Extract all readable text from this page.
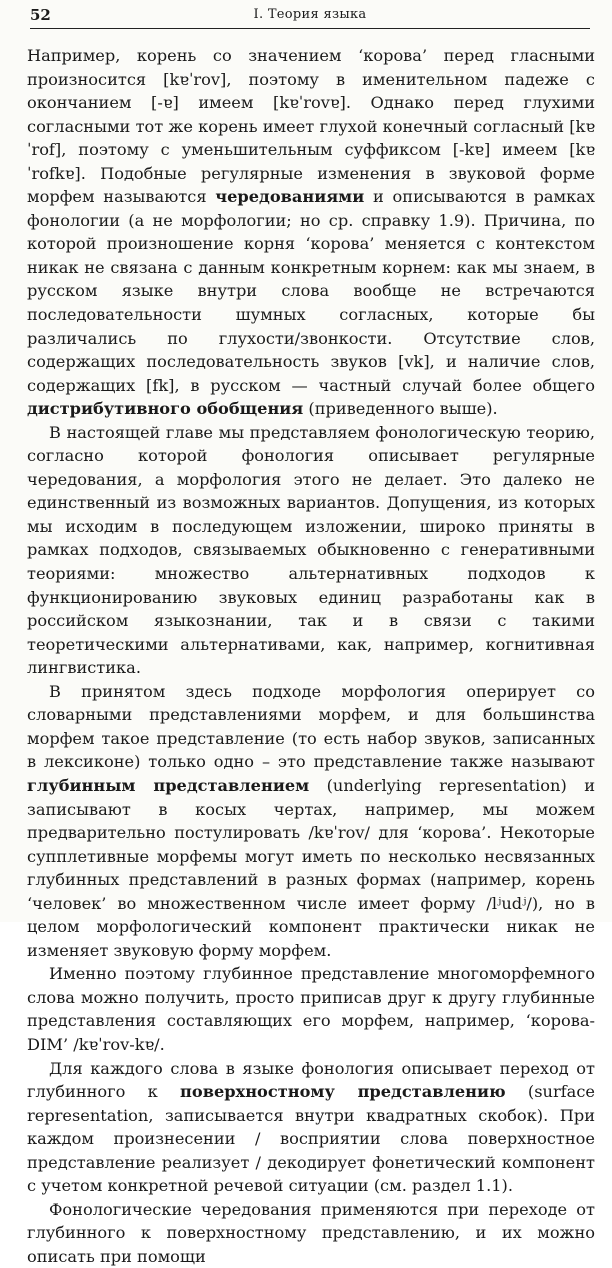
52	I. Теория языка

Например, корень со значением ‘корова’ перед гласными произносится [kɐˈrov], поэтому в именительном падеже с окончанием [-ɐ] имеем [kɐˈrovɐ]. Однако перед глухими согласными тот же корень имеет глухой конечный согласный [kɐˈrof], поэтому с уменьшительным суффиксом [-kɐ] имеем [kɐˈrofkɐ]. Подобные регулярные изменения в звуковой форме морфем называются чередованиями и описываются в рамках фонологии (а не морфологии; но ср. справку 1.9). Причина, по которой произношение корня ‘корова’ меняется с контекстом никак не связана с данным конкретным корнем: как мы знаем, в русском языке внутри слова вообще не встречаются последовательности шумных согласных, которые бы различались по глухости/звонкости. Отсутствие слов, содержащих последовательность звуков [vk], и наличие слов, содержащих [fk], в русском — частный случай более общего дистрибутивного обобщения (приведенного выше).

В настоящей главе мы представляем фонологическую теорию, согласно которой фонология описывает регулярные чередования, а морфология этого не делает. Это далеко не единственный из возможных вариантов. Допущения, из которых мы исходим в последующем изложении, широко приняты в рамках подходов, связываемых обыкновенно с генеративными теориями: множество альтернативных подходов к функционированию звуковых единиц разработаны как в российском языкознании, так и в связи с такими теоретическими альтернативами, как, например, когнитивная лингвистика.

В принятом здесь подходе морфология оперирует со словарными представлениями морфем, и для большинства морфем такое представление (то есть набор звуков, записанных в лексиконе) только одно – это представление также называют глубинным представлением (underlying representation) и записывают в косых чертах, например, мы можем предварительно постулировать /kɐˈrov/ для ‘корова’. Некоторые супплетивные морфемы могут иметь по несколько несвязанных глубинных представлений в разных формах (например, корень ‘человек’ во множественном числе имеет форму /lʲudʲ/), но в целом морфологический компонент практически никак не изменяет звуковую форму морфем.

Именно поэтому глубинное представление многоморфемного слова можно получить, просто приписав друг к другу глубинные представления составляющих его морфем, например, ‘корова-DIM’ /kɐˈrov-kɐ/.

Для каждого слова в языке фонология описывает переход от глубинного к поверхностному представлению (surface representation, записывается внутри квадратных скобок). При каждом произнесении / восприятии слова поверхностное представление реализует / декодирует фонетический компонент с учетом конкретной речевой ситуации (см. раздел 1.1).

Фонологические чередования применяются при переходе от глубинного к поверхностному представлению, и их можно описать при помощи
